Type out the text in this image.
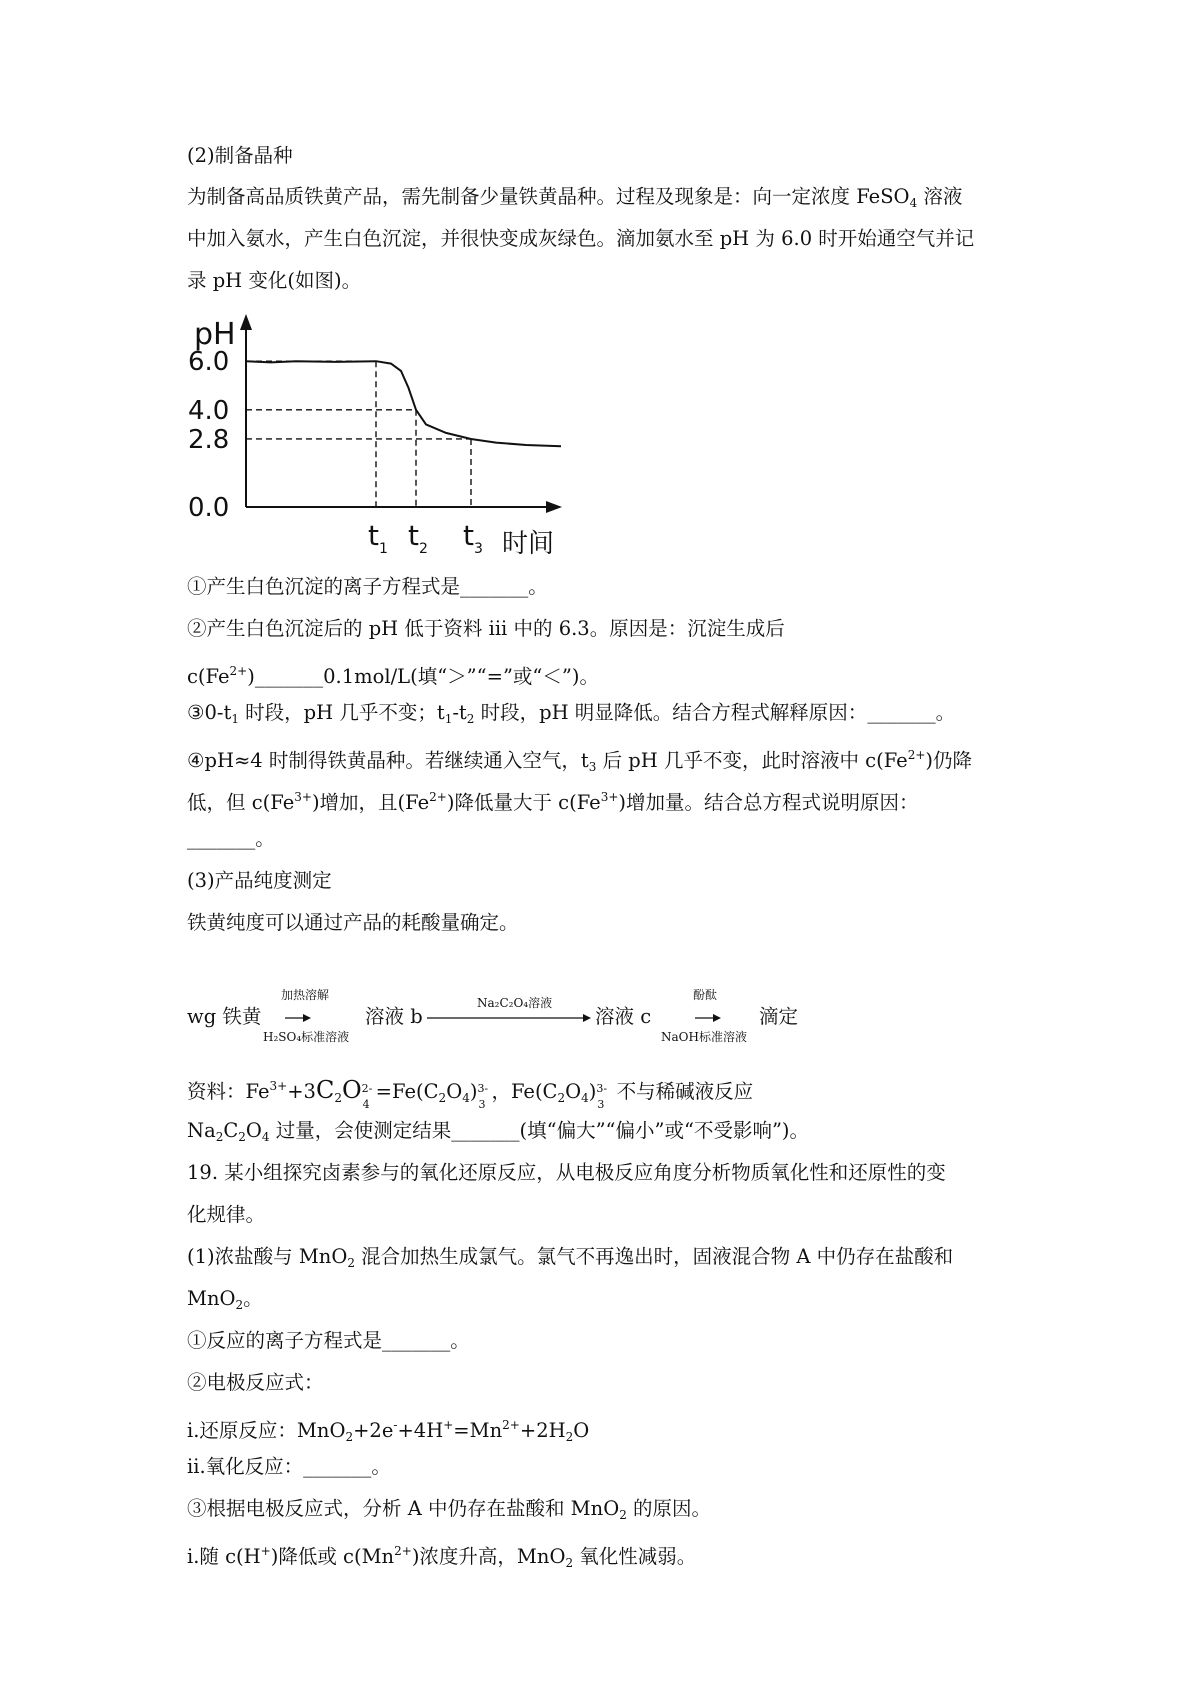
(2)制备晶种
为制备高品质铁黄产品，需先制备少量铁黄晶种。过程及现象是：向一定浓度 FeSO$_4$ 溶液
中加入氨水，产生白色沉淀，并很快变成灰绿色。滴加氨水至 pH 为 6.0 时开始通空气并记
录 pH 变化(如图)。
pH
时间
6.0
4.0
2.8
0.0
$t_1$ $t_2$ $t_3$
①产生白色沉淀的离子方程式是_______。
②产生白色沉淀后的 pH 低于资料 iii 中的 6.3。原因是：沉淀生成后
$c(Fe^{2+})\_\_\_\_\_\_\_0.1mol/L$(填“＞”“=”或“＜”)。
$③0-t_1$ 时段，pH 几乎不变；$t_1-t_2$ 时段，pH 明显降低。结合方程式解释原因：_______。
④pH≈4 时制得铁黄晶种。若继续通入空气，$t_3$ 后 pH 几乎不变，此时溶液中 $c(Fe^{2+})$仍降
低，但 $c(Fe^{3+})$增加，且$(Fe^{2+})$降低量大于 $c(Fe^{3+})$增加量。结合总方程式说明原因：
_______。
(3)产品纯度测定
铁黄纯度可以通过产品的耗酸量确定。
wg 铁黄
加热溶解
H₂SO₄标准溶液
溶液 b
Na₂C₂O₄溶液
溶液 c
酚酞
NaOH标准溶液
滴定
资料：$Fe^{3+}+3C_2O$ 2-
4
$=Fe(C_2O_4)$ 3-
3
，$Fe(C_2O_4)$ 3-
3
不与稀碱液反应
$Na_2C_2O_4$ 过量，会使测定结果_______(填“偏大”“偏小”或“不受影响”)。
19. 某小组探究卤素参与的氧化还原反应，从电极反应角度分析物质氧化性和还原性的变
化规律。
(1)浓盐酸与 MnO$_2$ 混合加热生成氯气。氯气不再逸出时，固液混合物 A 中仍存在盐酸和
MnO$_2$。
①反应的离子方程式是_______。
②电极反应式：
i.还原反应：$MnO_2+2e^-+4H^+=Mn^{2+}+2H_2O$
ii.氧化反应：_______。
③根据电极反应式，分析 A 中仍存在盐酸和 MnO$_2$ 的原因。
i.随 c(H+)降低或 $c(Mn^{2+})$浓度升高，MnO$_2$ 氧化性减弱。
